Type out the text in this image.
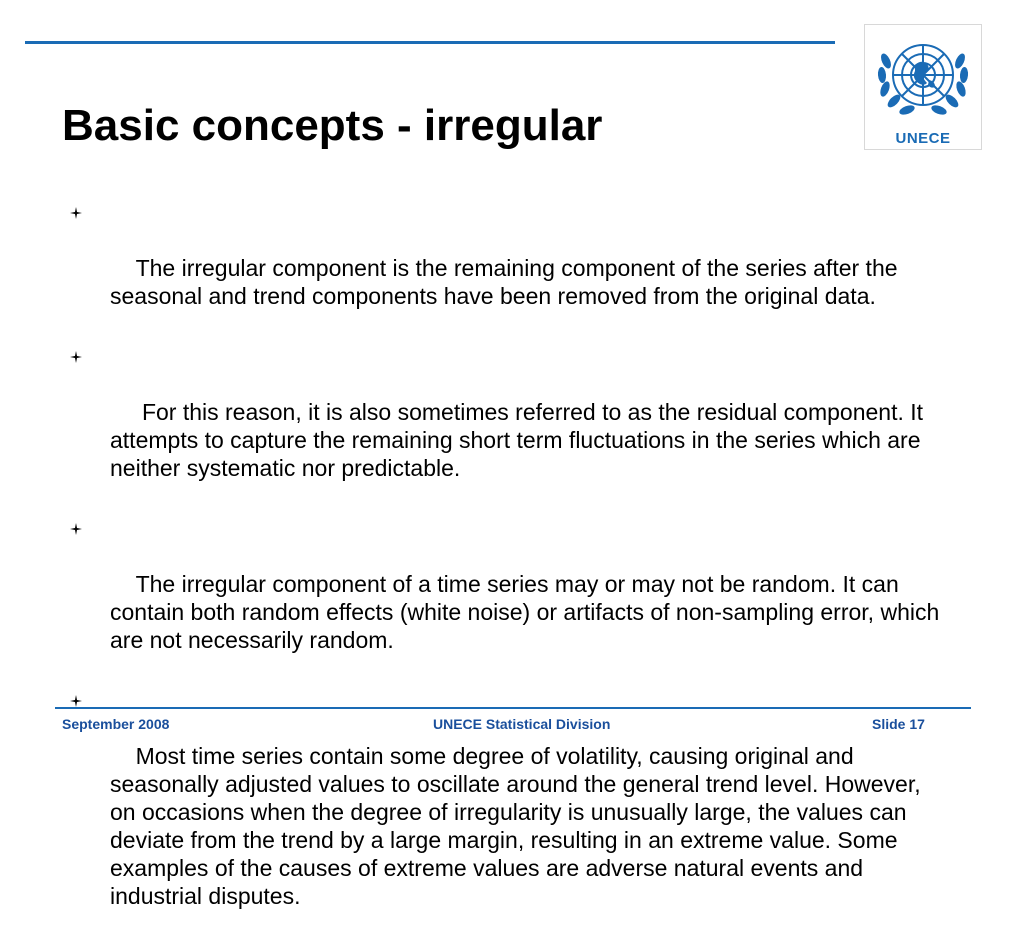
UNECE
Basic concepts - irregular

The irregular component is the remaining component of the series after the seasonal and trend components have been removed from the original data.

For this reason, it is also sometimes referred to as the residual component. It attempts to capture the remaining short term fluctuations in the series which are neither systematic nor predictable.

The irregular component of a time series may or may not be random. It can contain both random effects (white noise) or artifacts of non-sampling error, which are not necessarily random.

Most time series contain some degree of volatility, causing original and seasonally adjusted values to oscillate around the general trend level. However, on occasions when the degree of irregularity is unusually large, the values can deviate from the trend by a large margin, resulting in an extreme value. Some examples of the causes of extreme values are adverse natural events and industrial disputes.

September 2008	UNECE Statistical Division	Slide 17
